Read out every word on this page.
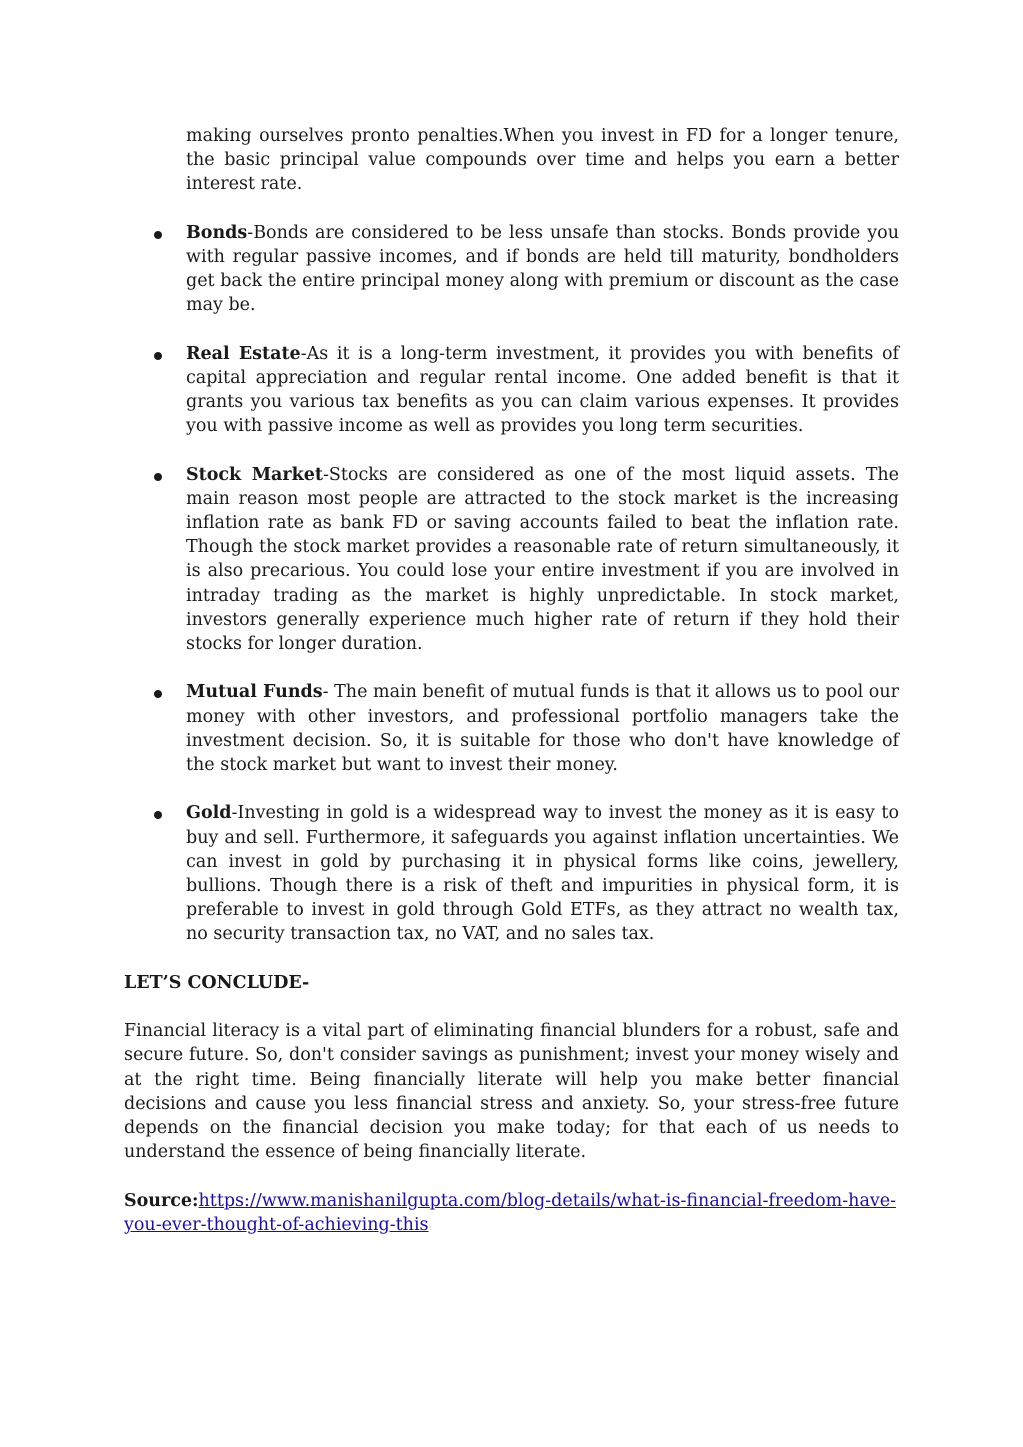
making ourselves pronto penalties.When you invest in FD for a longer tenure, the basic principal value compounds over time and helps you earn a better interest rate.
Bonds-Bonds are considered to be less unsafe than stocks. Bonds provide you with regular passive incomes, and if bonds are held till maturity, bondholders get back the entire principal money along with premium or discount as the case may be.
Real Estate-As it is a long-term investment, it provides you with benefits of capital appreciation and regular rental income. One added benefit is that it grants you various tax benefits as you can claim various expenses. It provides you with passive income as well as provides you long term securities.
Stock Market-Stocks are considered as one of the most liquid assets. The main reason most people are attracted to the stock market is the increasing inflation rate as bank FD or saving accounts failed to beat the inflation rate. Though the stock market provides a reasonable rate of return simultaneously, it is also precarious. You could lose your entire investment if you are involved in intraday trading as the market is highly unpredictable. In stock market, investors generally experience much higher rate of return if they hold their stocks for longer duration.
Mutual Funds- The main benefit of mutual funds is that it allows us to pool our money with other investors, and professional portfolio managers take the investment decision. So, it is suitable for those who don't have knowledge of the stock market but want to invest their money.
Gold-Investing in gold is a widespread way to invest the money as it is easy to buy and sell. Furthermore, it safeguards you against inflation uncertainties. We can invest in gold by purchasing it in physical forms like coins, jewellery, bullions. Though there is a risk of theft and impurities in physical form, it is preferable to invest in gold through Gold ETFs, as they attract no wealth tax, no security transaction tax, no VAT, and no sales tax.
LET’S CONCLUDE-
Financial literacy is a vital part of eliminating financial blunders for a robust, safe and secure future. So, don't consider savings as punishment; invest your money wisely and at the right time. Being financially literate will help you make better financial decisions and cause you less financial stress and anxiety. So, your stress-free future depends on the financial decision you make today; for that each of us needs to understand the essence of being financially literate.
Source:https://www.manishanilgupta.com/blog-details/what-is-financial-freedom-have-you-ever-thought-of-achieving-this
